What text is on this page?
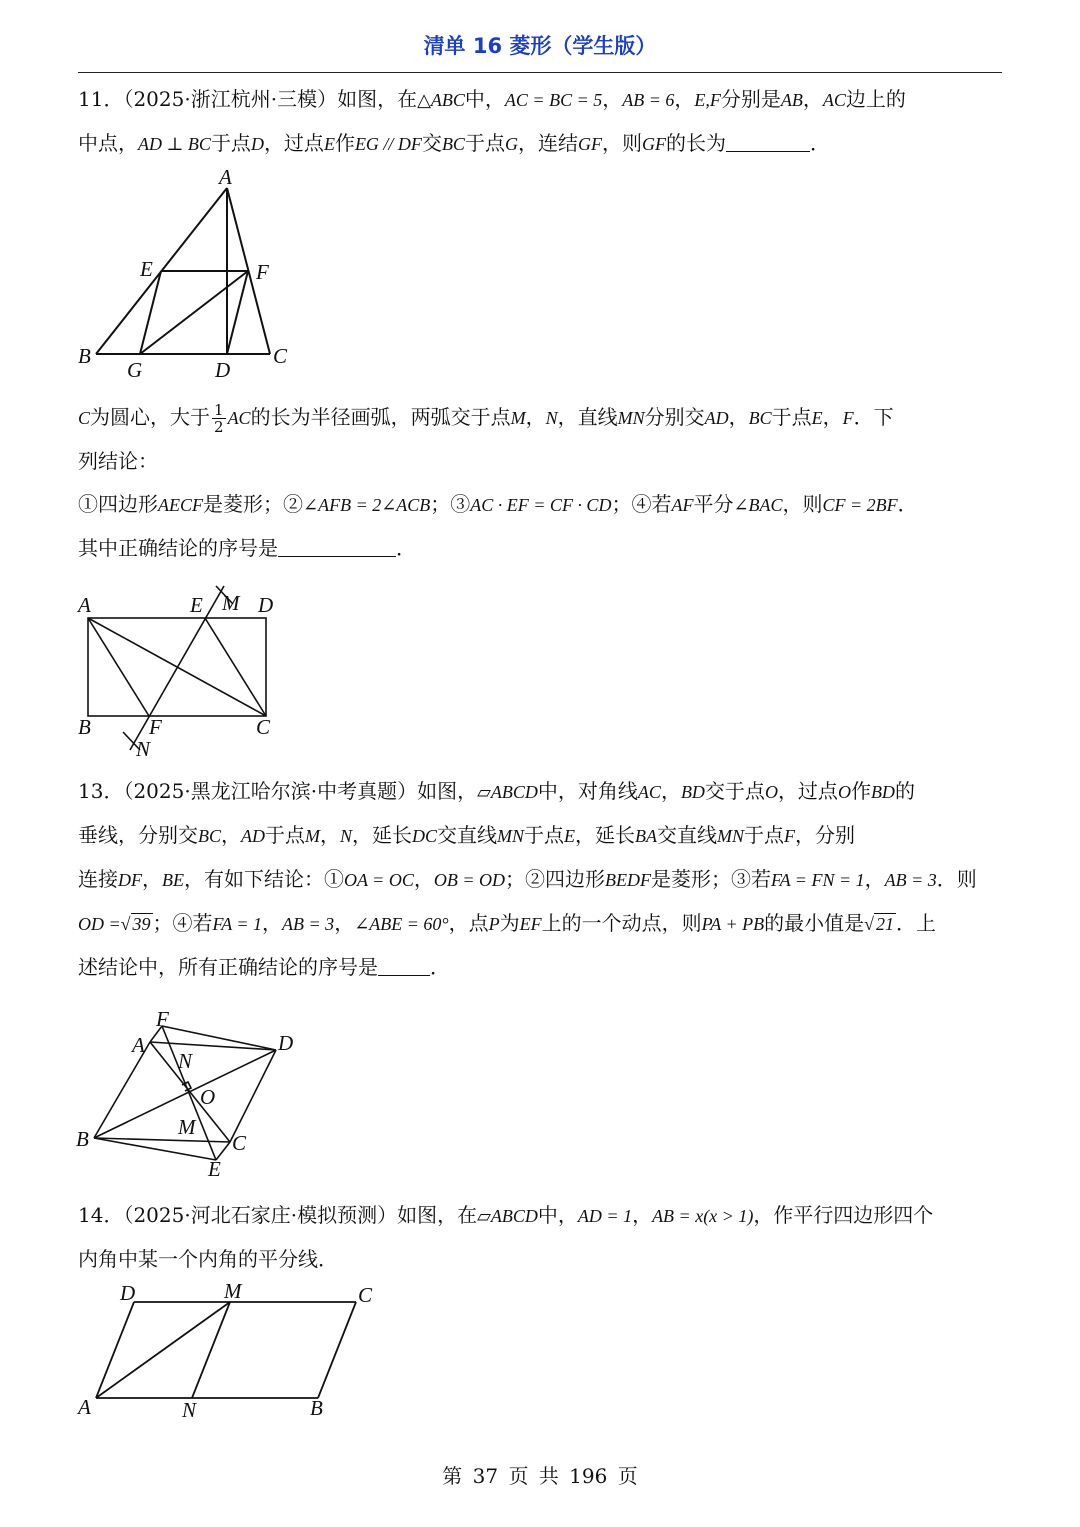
清单 16 菱形（学生版）
11．（2025·浙江杭州·三模）如图，在△ABC中，AC = BC = 5，AB = 6，E,F分别是AB，AC边上的
中点，AD ⊥ BC于点D，过点E作EG // DF交BC于点G，连结GF，则GF的长为	．
A
E	F
B
G	D
C
C为圆心，大于 $\frac{1}{2}$ AC的长为半径画弧，两弧交于点M，N，直线MN分别交AD，BC于点E，F．下
列结论：
①四边形AECF是菱形；②∠AFB = 2∠ACB；③AC · EF = CF · CD；④若AF平分∠BAC，则CF = 2BF．
其中正确结论的序号是	．
A	E M D
B	F	C
N
13．（2025·黑龙江哈尔滨·中考真题）如图，▱ABCD中，对角线AC，BD交于点O，过点O作BD的
垂线，分别交BC，AD于点M，N，延长DC交直线MN于点E，延长BA交直线MN于点F，分别
连接DF，BE，有如下结论：①OA = OC，OB = OD；②四边形BEDF是菱形；③若FA = FN = 1，AB = 3．则
OD =√ 39 ；④若FA = 1，AB = 3，∠ABE = 60°，点P为EF上的一个动点，则PA + PB的最小值是√ 21 ．上
述结论中，所有正确结论的序号是	．
F
A	D
N
O
B	M
C
E
14．（2025·河北石家庄·模拟预测）如图，在▱ABCD中，AD = 1，AB = x(x > 1)，作平行四边形四个
内角中某一个内角的平分线．
D	M	C
A	N	B
第 37 页 共 196 页
